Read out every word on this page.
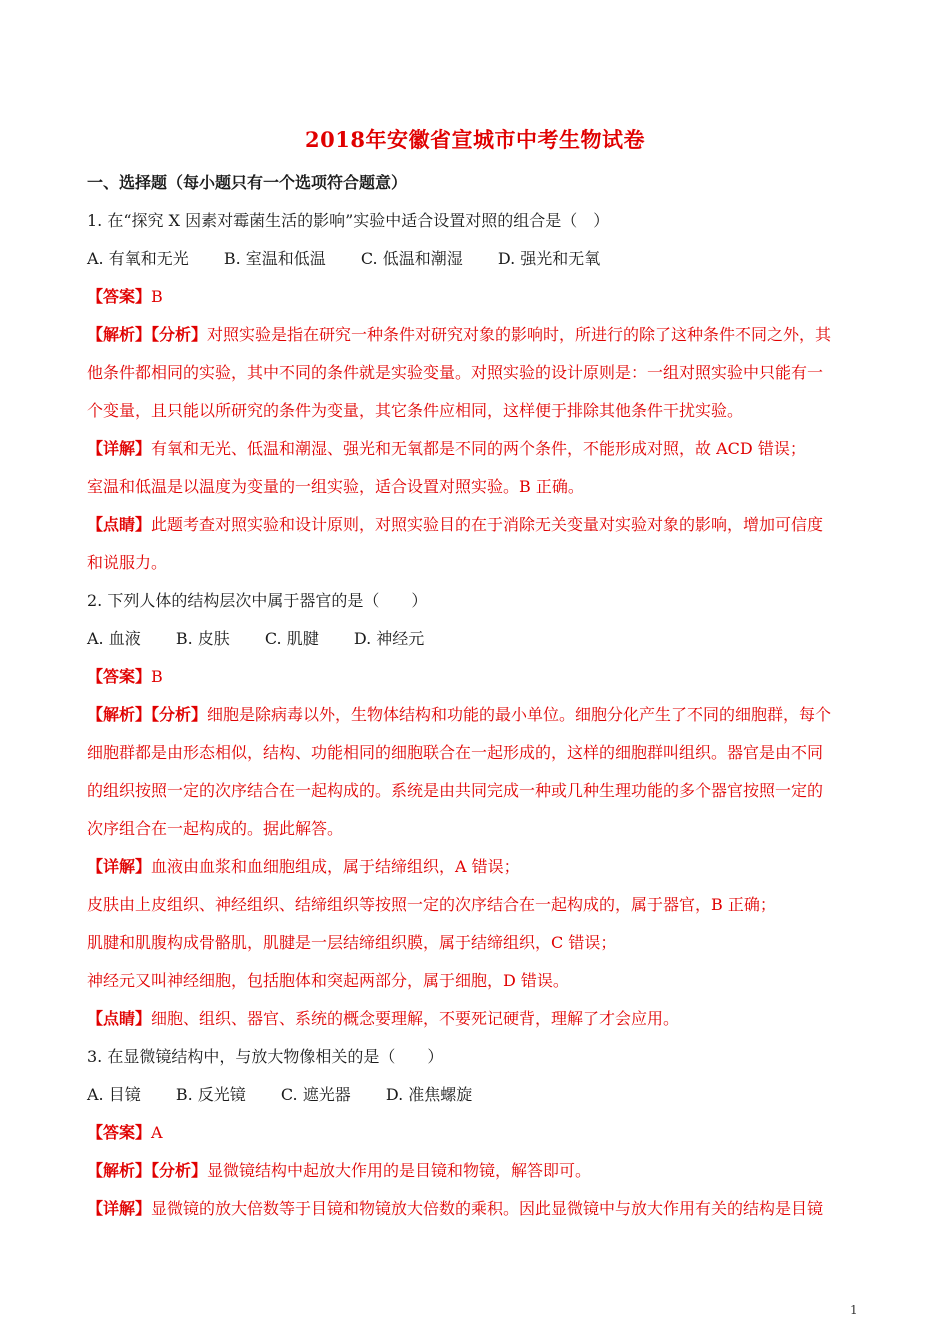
2018年安徽省宣城市中考生物试卷
一、选择题（每小题只有一个选项符合题意）
1. 在“探究 X 因素对霉菌生活的影响”实验中适合设置对照的组合是（　）
A. 有氧和无光 B. 室温和低温 C. 低温和潮湿 D. 强光和无氧
【答案】B
【解析】【分析】对照实验是指在研究一种条件对研究对象的影响时，所进行的除了这种条件不同之外，其
他条件都相同的实验，其中不同的条件就是实验变量。对照实验的设计原则是：一组对照实验中只能有一
个变量，且只能以所研究的条件为变量，其它条件应相同，这样便于排除其他条件干扰实验。
【详解】有氧和无光、低温和潮湿、强光和无氧都是不同的两个条件，不能形成对照，故 ACD 错误；
室温和低温是以温度为变量的一组实验，适合设置对照实验。B 正确。
【点睛】此题考查对照实验和设计原则，对照实验目的在于消除无关变量对实验对象的影响，增加可信度
和说服力。
2. 下列人体的结构层次中属于器官的是（　　）
A. 血液 B. 皮肤 C. 肌腱 D. 神经元
【答案】B
【解析】【分析】细胞是除病毒以外，生物体结构和功能的最小单位。细胞分化产生了不同的细胞群，每个
细胞群都是由形态相似，结构、功能相同的细胞联合在一起形成的，这样的细胞群叫组织。器官是由不同
的组织按照一定的次序结合在一起构成的。系统是由共同完成一种或几种生理功能的多个器官按照一定的
次序组合在一起构成的。据此解答。
【详解】血液由血浆和血细胞组成，属于结缔组织，A 错误；
皮肤由上皮组织、神经组织、结缔组织等按照一定的次序结合在一起构成的，属于器官，B 正确；
肌腱和肌腹构成骨骼肌，肌腱是一层结缔组织膜，属于结缔组织，C 错误；
神经元又叫神经细胞，包括胞体和突起两部分，属于细胞，D 错误。
【点睛】细胞、组织、器官、系统的概念要理解，不要死记硬背，理解了才会应用。
3. 在显微镜结构中，与放大物像相关的是（　　）
A. 目镜 B. 反光镜 C. 遮光器 D. 准焦螺旋
【答案】A
【解析】【分析】显微镜结构中起放大作用的是目镜和物镜，解答即可。
【详解】显微镜的放大倍数等于目镜和物镜放大倍数的乘积。因此显微镜中与放大作用有关的结构是目镜
1
